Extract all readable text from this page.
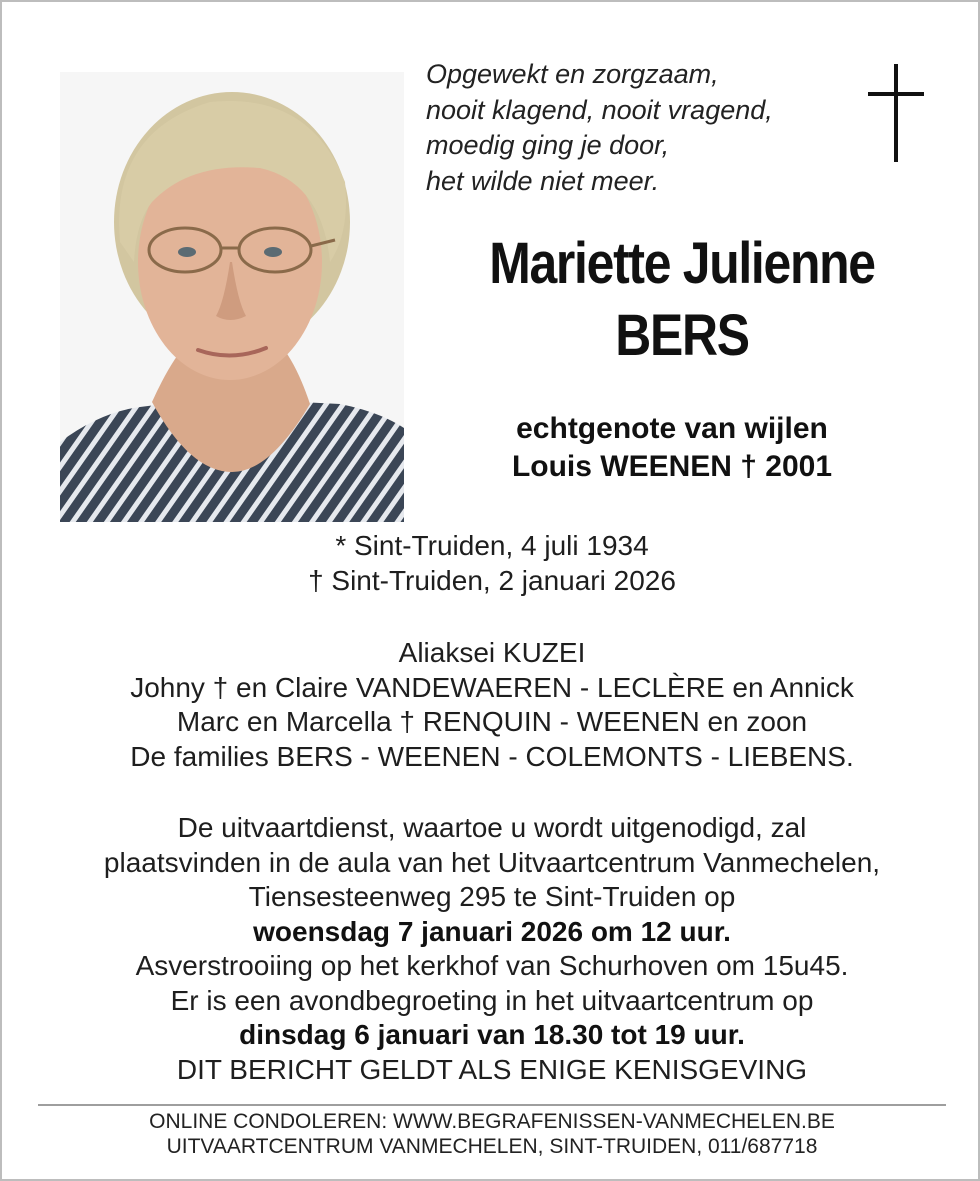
Opgewekt en zorgzaam,
nooit klagend, nooit vragend,
moedig ging je door,
het wilde niet meer.
Mariette Julienne
BERS
echtgenote van wijlen
Louis WEENEN † 2001
* Sint-Truiden, 4 juli 1934
† Sint-Truiden, 2 januari 2026
Aliaksei KUZEI
Johny † en Claire VANDEWAEREN - LECLÈRE en Annick
Marc en Marcella † RENQUIN - WEENEN en zoon
De families BERS - WEENEN - COLEMONTS - LIEBENS.
De uitvaartdienst, waartoe u wordt uitgenodigd, zal
plaatsvinden in de aula van het Uitvaartcentrum Vanmechelen,
Tiensesteenweg 295 te Sint-Truiden op
woensdag 7 januari 2026 om 12 uur.
Asverstrooiing op het kerkhof van Schurhoven om 15u45.
Er is een avondbegroeting in het uitvaartcentrum op
dinsdag 6 januari van 18.30 tot 19 uur.
DIT BERICHT GELDT ALS ENIGE KENISGEVING
ONLINE CONDOLEREN: WWW.BEGRAFENISSEN-VANMECHELEN.BE
UITVAARTCENTRUM VANMECHELEN, SINT-TRUIDEN, 011/687718
